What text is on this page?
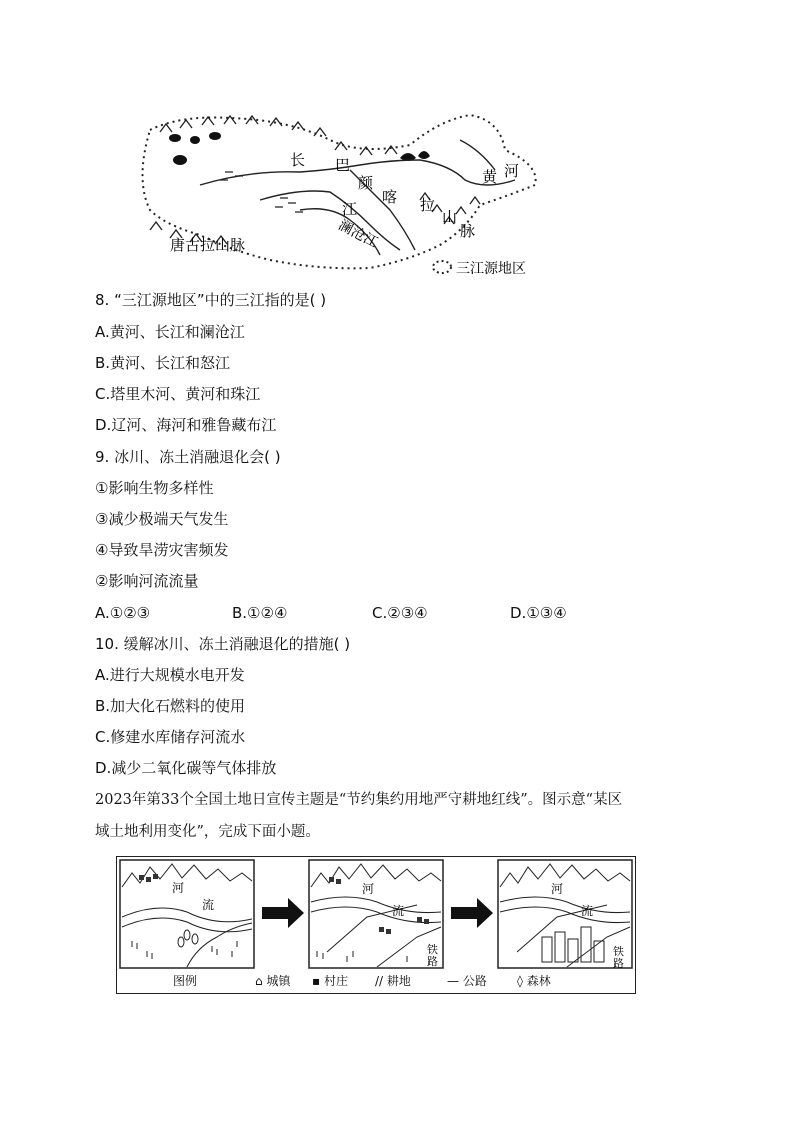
长 巴
颜
喀
江	拉
山
脉
澜沧江
黄 河
唐古拉山脉
三江源地区
8. “三江源地区”中的三江指的是( )
A.黄河、长江和澜沧江
B.黄河、长江和怒江
C.塔里木河、黄河和珠江
D.辽河、海河和雅鲁藏布江
9. 冰川、冻土消融退化会( )
①影响生物多样性
③减少极端天气发生
④导致旱涝灾害频发
②影响河流流量
A.①②③	B.①②④	C.②③④	D.①③④
10. 缓解冰川、冻土消融退化的措施( )
A.进行大规模水电开发
B.加大化石燃料的使用
C.修建水库储存河流水
D.减少二氧化碳等气体排放
2023年第33个全国土地日宣传主题是“节约集约用地严守耕地红线”。图示意“某区
域土地利用变化”，完成下面小题。
河
流
河
流
铁
路
河
流
铁
路
图例	⌂ 城镇 ▪ 村庄 // 耕地	— 公路	◊ 森林
